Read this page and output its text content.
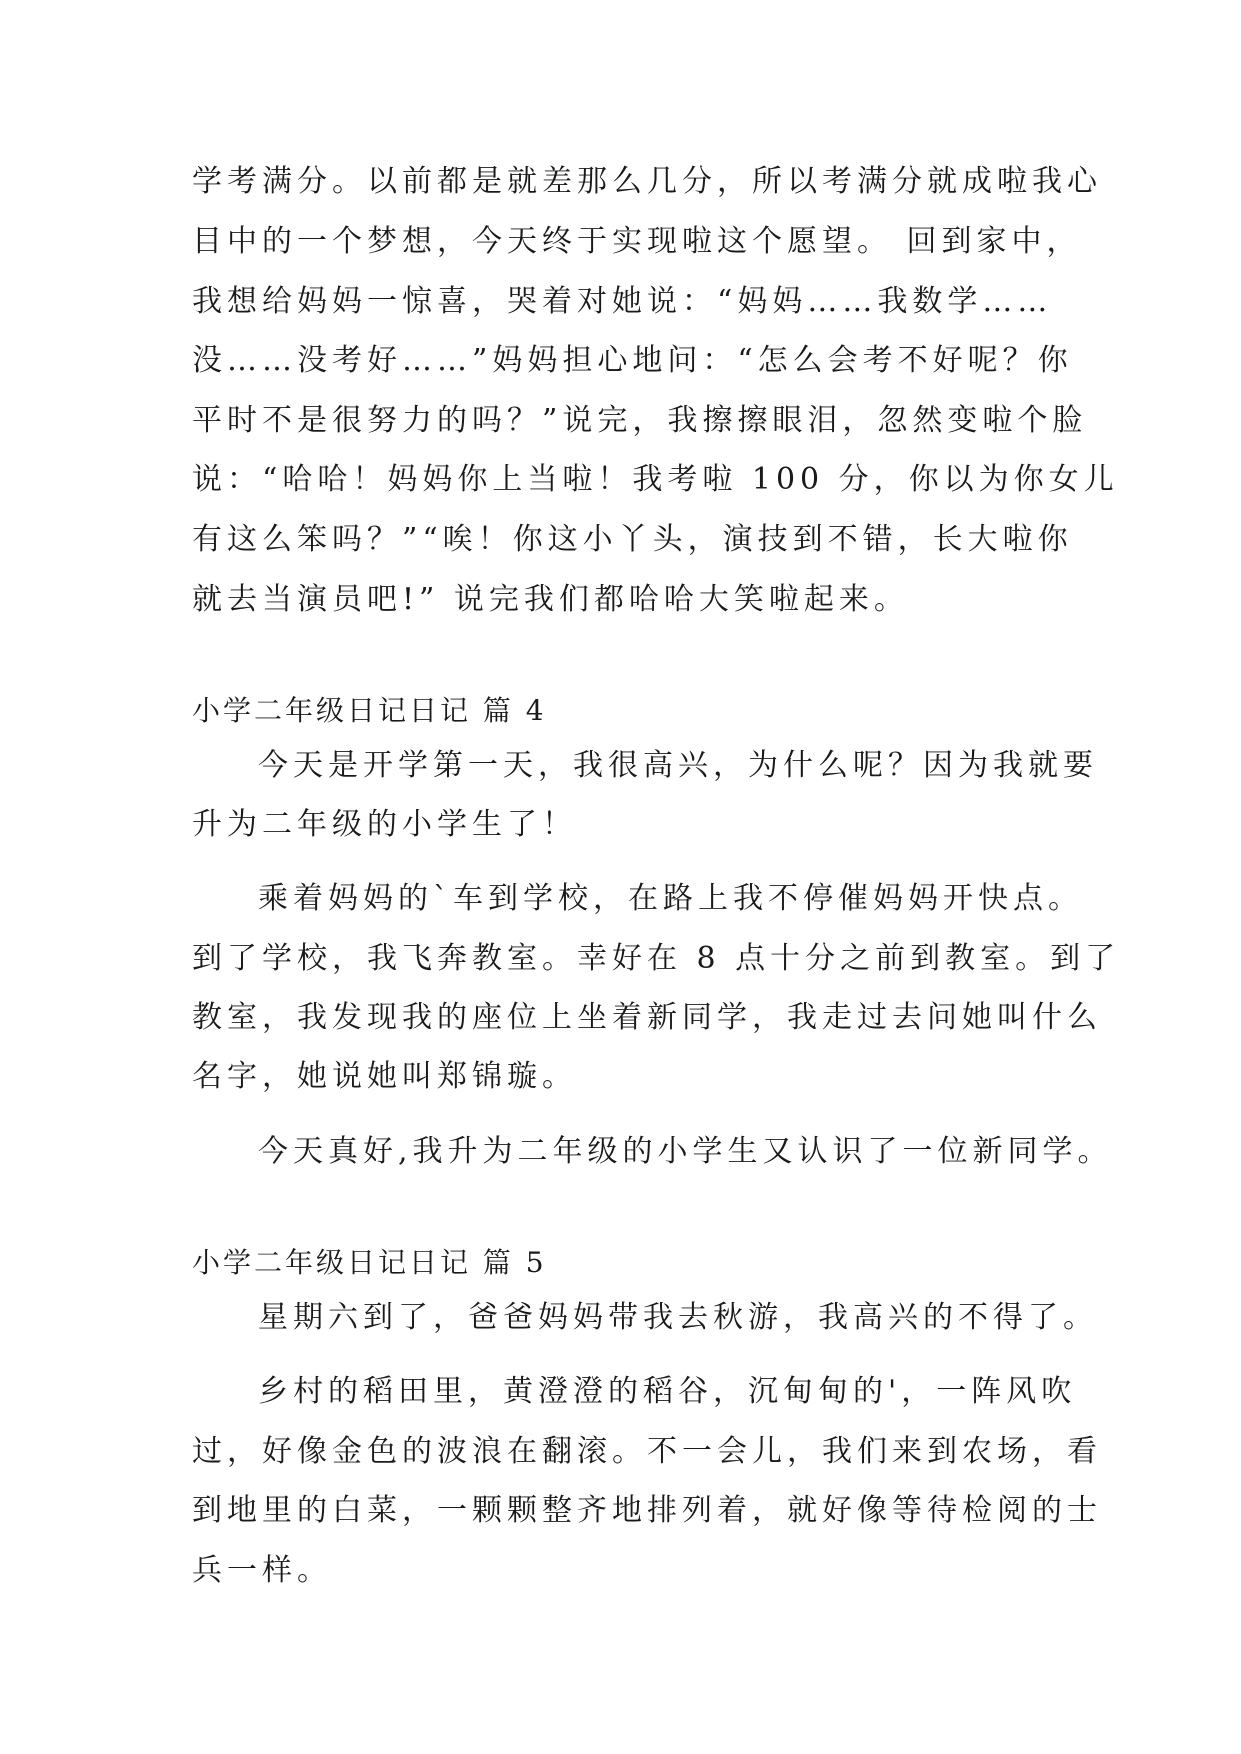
学考满分。以前都是就差那么几分，所以考满分就成啦我心
目中的一个梦想，今天终于实现啦这个愿望。 回到家中，
我想给妈妈一惊喜，哭着对她说：“妈妈……我数学……
没……没考好……”妈妈担心地问：“怎么会考不好呢？你
平时不是很努力的吗？”说完，我擦擦眼泪，忽然变啦个脸
说：“哈哈！妈妈你上当啦！我考啦 100 分，你以为你女儿
有这么笨吗？”“唉！你这小丫头，演技到不错，长大啦你
就去当演员吧!” 说完我们都哈哈大笑啦起来。
小学二年级日记日记 篇 4
今天是开学第一天，我很高兴，为什么呢？因为我就要
升为二年级的小学生了！
乘着妈妈的`车到学校，在路上我不停催妈妈开快点。
到了学校，我飞奔教室。幸好在 8 点十分之前到教室。到了
教室，我发现我的座位上坐着新同学，我走过去问她叫什么
名字，她说她叫郑锦璇。
今天真好,我升为二年级的小学生又认识了一位新同学。
小学二年级日记日记 篇 5
星期六到了，爸爸妈妈带我去秋游，我高兴的不得了。
乡村的稻田里，黄澄澄的稻谷，沉甸甸的'，一阵风吹
过，好像金色的波浪在翻滚。不一会儿，我们来到农场，看
到地里的白菜，一颗颗整齐地排列着，就好像等待检阅的士
兵一样。
